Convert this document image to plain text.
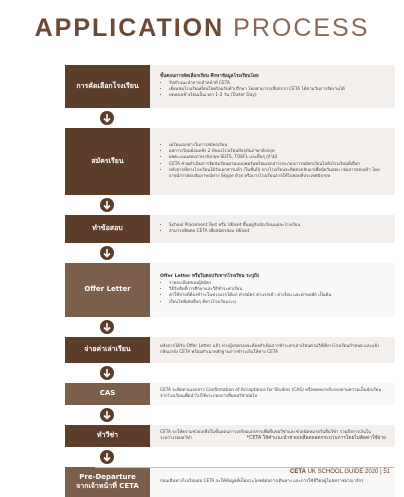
APPLICATION PROCESS
การคัดเลือกโรงเรียน
ขั้นตอนการคัดเลือกเรียน ศึกษาข้อมูลโรงเรียนโดย
• รับคำแนะนำจากเจ้าหน้าที่ CETA
• เยี่ยมชมโรงเรียนที่สนใจพร้อมรับคำปรึกษา โดยสามารถเลือกจาก CETA ได้ตามวันการจัดงานได้
• ทดลองเข้าเรียนเป็นเวลา 1-2 วัน (Taster Day)
สมัครเรียน
• เตรียมเอกสารในการสมัครเรียน
• ผลการเรียนย้อนหลัง 2 ปีของโรงเรียนปัจจุบันภาษาอังกฤษ
• ผลคะแนนสอบภาษาอังกฤษ IELTS, TOEFL และอื่นๆ (ถ้ามี)
• CETA ช่วยดำเนินการจัดส่งเรียนตามแบบฟอร์มพร้อมเอกสารประกอบการสมัครเรียนไปยังโรงเรียนที่เลือก
• หลังจากที่ทางโรงเรียนได้รับเอกสารแล้ว (ในชั้นปี) ทางโรงเรียนจะติดต่อกลับมาเพื่อนัดวันสอบ เช่นการสอบเข้า โดยอาจมีการสอบสัมภาษณ์ทาง Skype ด้วย หรือบางโรงเรียนอาจให้ไปสอบที่ประเทศอังกฤษ
ทำข้อสอบ
•	School Placement Test หรือ UKiset ขึ้นอยู่กับนักเรียนแต่ละโรงเรียน
• สามารถติดต่อ CETA เพื่อสมัครสอบ UKiset
Offer Letter
Offer Letter หรือใบตอบรับจากโรงเรียน ระบุถึง
• รายละเอียดของผู้สมัคร
• วิธีรับสิทธิ์การศึกษาและวิธีชำระค่าเรียน
• ค่าใช้จ่ายที่ต้องชำระในช่วงแรกได้แก่ ค่าสมัคร ค่าแรกเข้า ค่าเรียน และค่าหอพัก เป็นต้น
• เงื่อนไขพิเศษอื่นๆ ที่ทางโรงเรียนระบุ
จ่ายค่าเล่าเรียน	หลังจากได้รับ Offer Letter แล้ว ทางผู้ปกครองจะต้องดำเนินการชำระค่าเล่าเรียนตามวิธีที่ทางโรงเรียนกำหนด และแจ้งกลับมายัง CETA พร้อมสำเนาหลักฐานการชำระเงินให้ทาง CETA
CAS	CETA จะติดตามเอกสาร Confirmation of Acceptance for Studies (CAS) หรือจดหมายรับรองตามความเป็นนักเรียนจากโรงเรียนเพื่อนำไปใช้ประกอบการยื่นขอวีซ่าต่อไป
ทำวีซ่า	CETA จะให้ความช่วยเหลือในขั้นตอนการเตรียมเอกสารเพื่อยื่นขอวีซ่าและช่วยนัดหมายวันยื่นวีซ่า รวมถึงการเงินในระหว่างรอผลวีซ่า
Pre-Departure
จากเจ้าหน้าที่ CETA
ก่อนเดินทางไปเรียนต่อ CETA จะให้ข้อมูลที่เป็นประโยชน์ต่อการเดินทาง และการใช้ชีวิตอยู่ในสหราชอาณาจักร
*CETA ให้คำแนะนำช่วยเหลือตลอดกระบวนการโดยไม่คิดค่าใช้จ่าย
CETA UK SCHOOL GUIDE 2020 | 51
